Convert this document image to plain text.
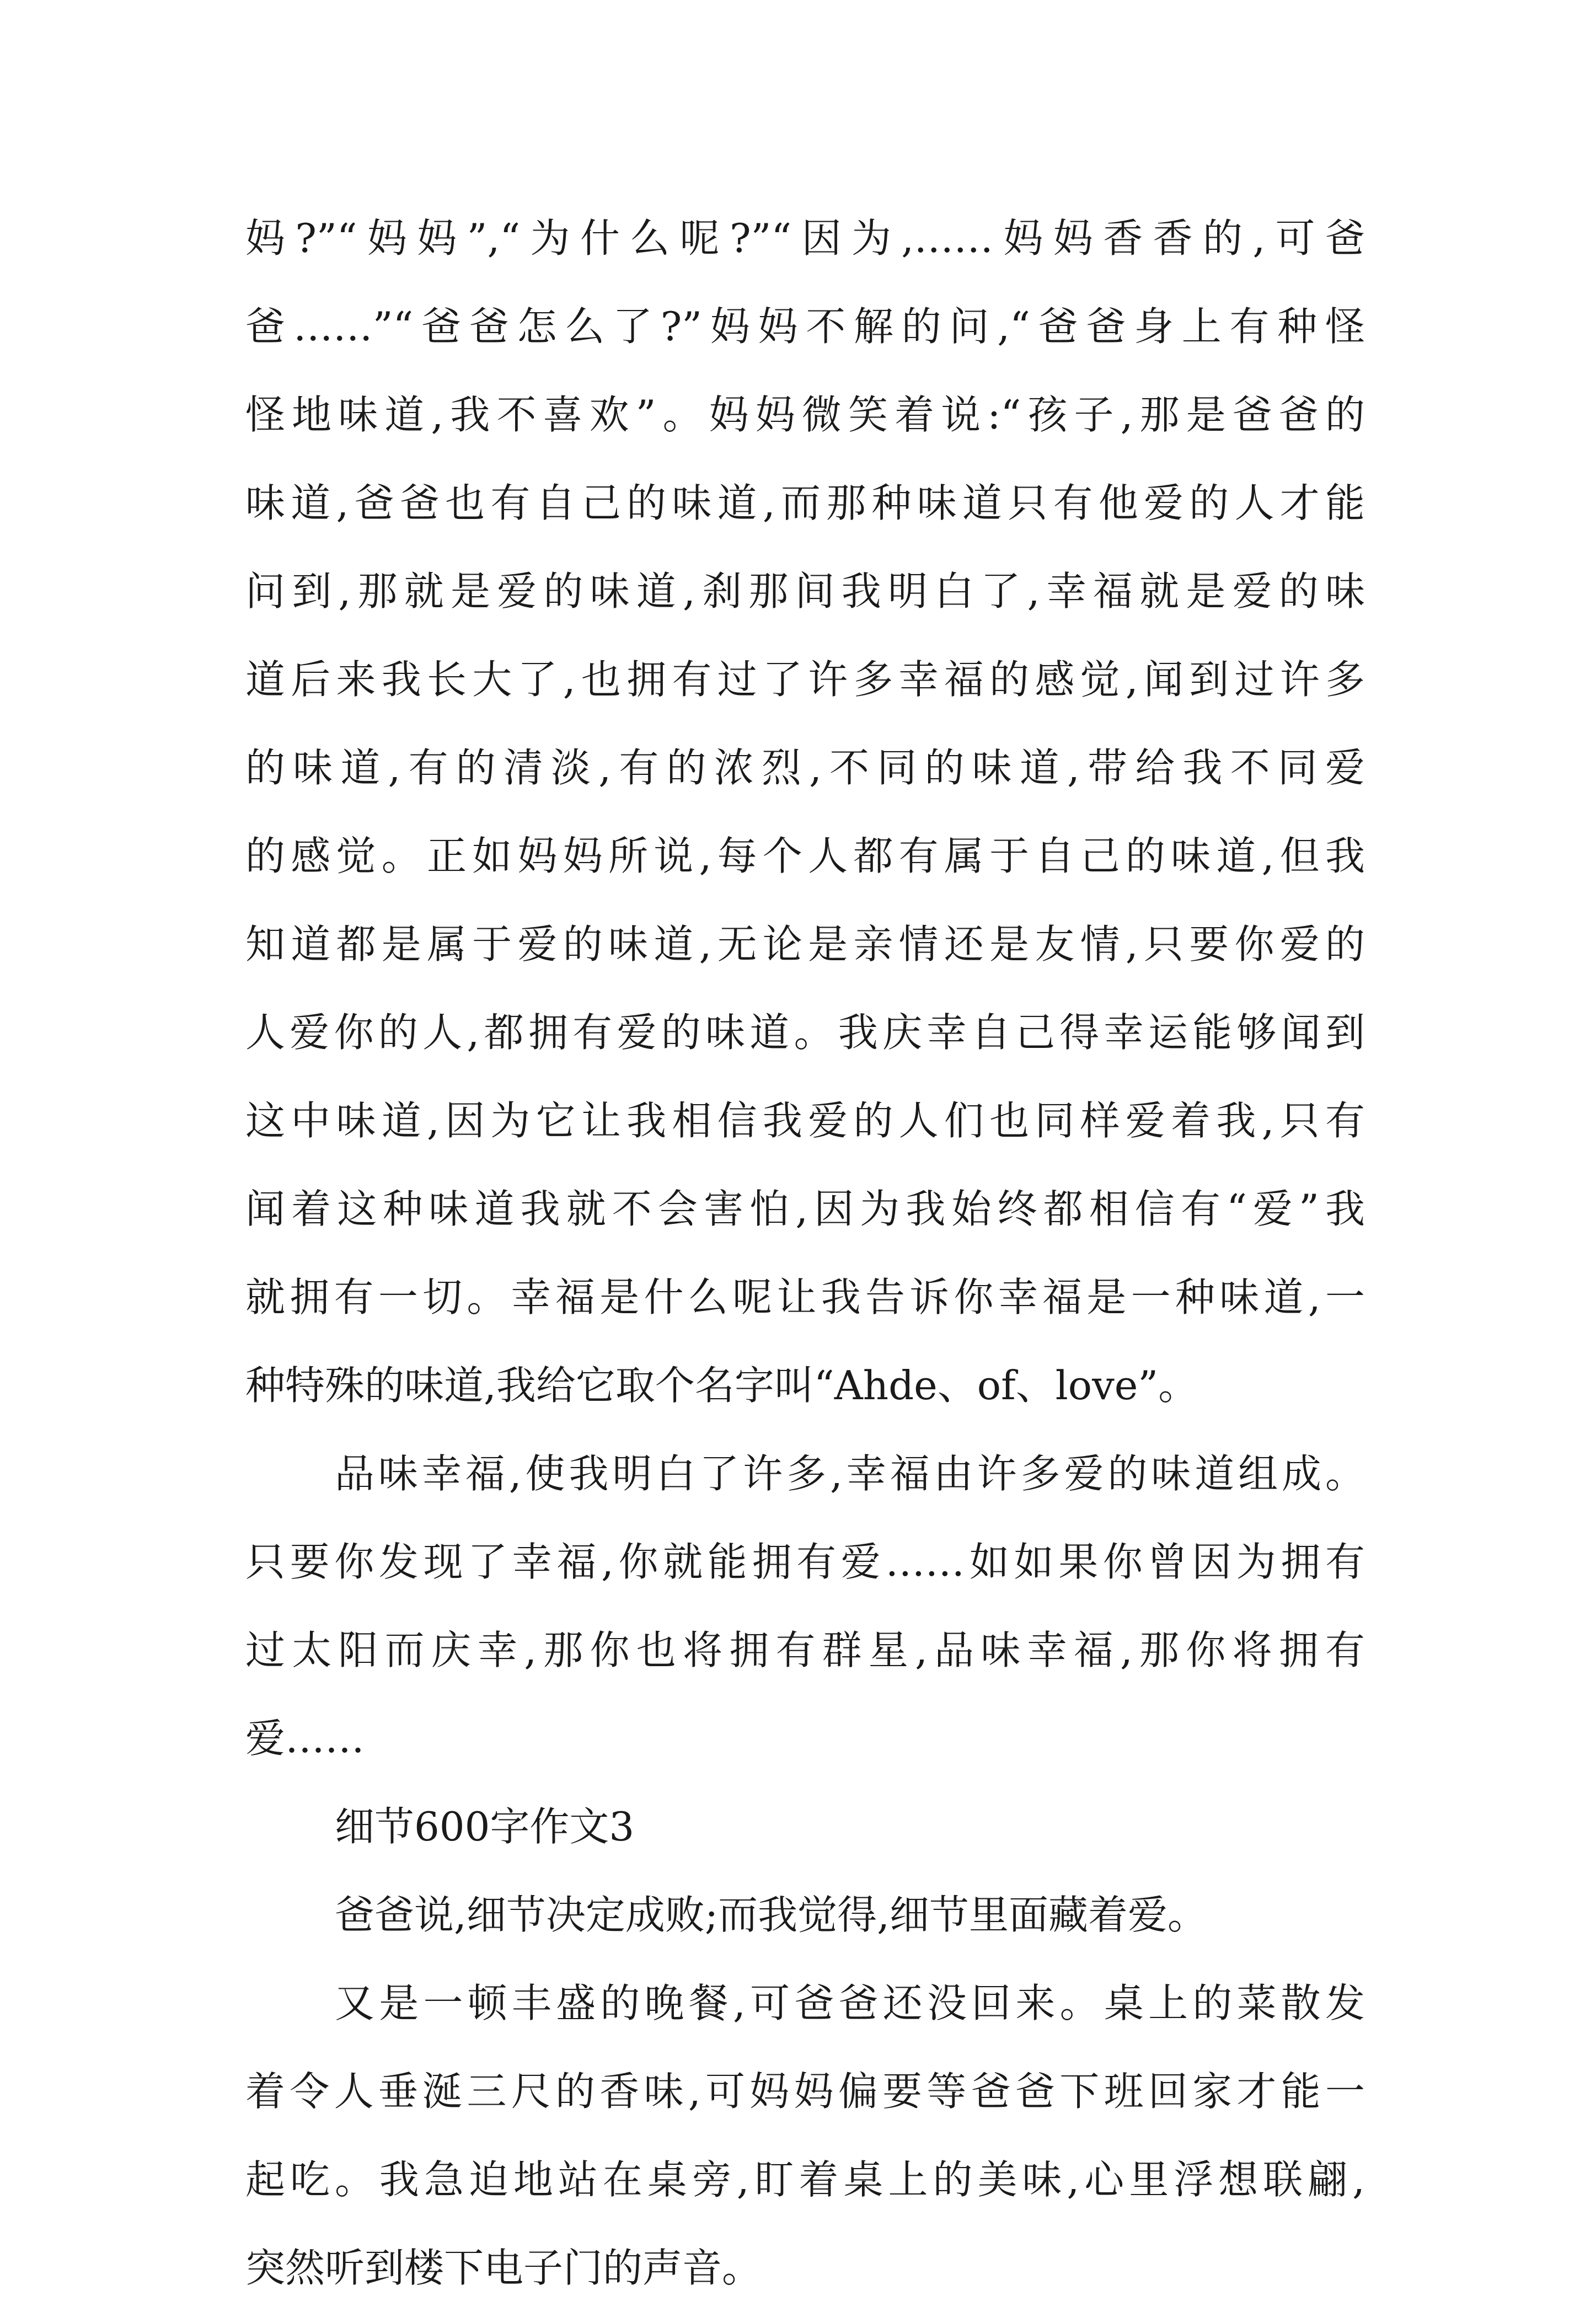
妈?”“妈妈”,“为什么呢?”“因为,……妈妈香香的,可爸
爸……”“爸爸怎么了?”妈妈不解的问,“爸爸身上有种怪
怪地味道,我不喜欢”。妈妈微笑着说:“孩子,那是爸爸的
味道,爸爸也有自己的味道,而那种味道只有他爱的人才能
问到,那就是爱的味道,刹那间我明白了,幸福就是爱的味
道后来我长大了,也拥有过了许多幸福的感觉,闻到过许多
的味道,有的清淡,有的浓烈,不同的味道,带给我不同爱
的感觉。正如妈妈所说,每个人都有属于自己的味道,但我
知道都是属于爱的味道,无论是亲情还是友情,只要你爱的
人爱你的人,都拥有爱的味道。我庆幸自己得幸运能够闻到
这中味道,因为它让我相信我爱的人们也同样爱着我,只有
闻着这种味道我就不会害怕,因为我始终都相信有“爱”我
就拥有一切。幸福是什么呢让我告诉你幸福是一种味道,一
种特殊的味道,我给它取个名字叫“Ahde、of、love”。
品味幸福,使我明白了许多,幸福由许多爱的味道组成。
只要你发现了幸福,你就能拥有爱……如如果你曾因为拥有
过太阳而庆幸,那你也将拥有群星,品味幸福,那你将拥有
爱……
细节600字作文3
爸爸说,细节决定成败;而我觉得,细节里面藏着爱。
又是一顿丰盛的晚餐,可爸爸还没回来。桌上的菜散发
着令人垂涎三尺的香味,可妈妈偏要等爸爸下班回家才能一
起吃。我急迫地站在桌旁,盯着桌上的美味,心里浮想联翩,
突然听到楼下电子门的声音。
